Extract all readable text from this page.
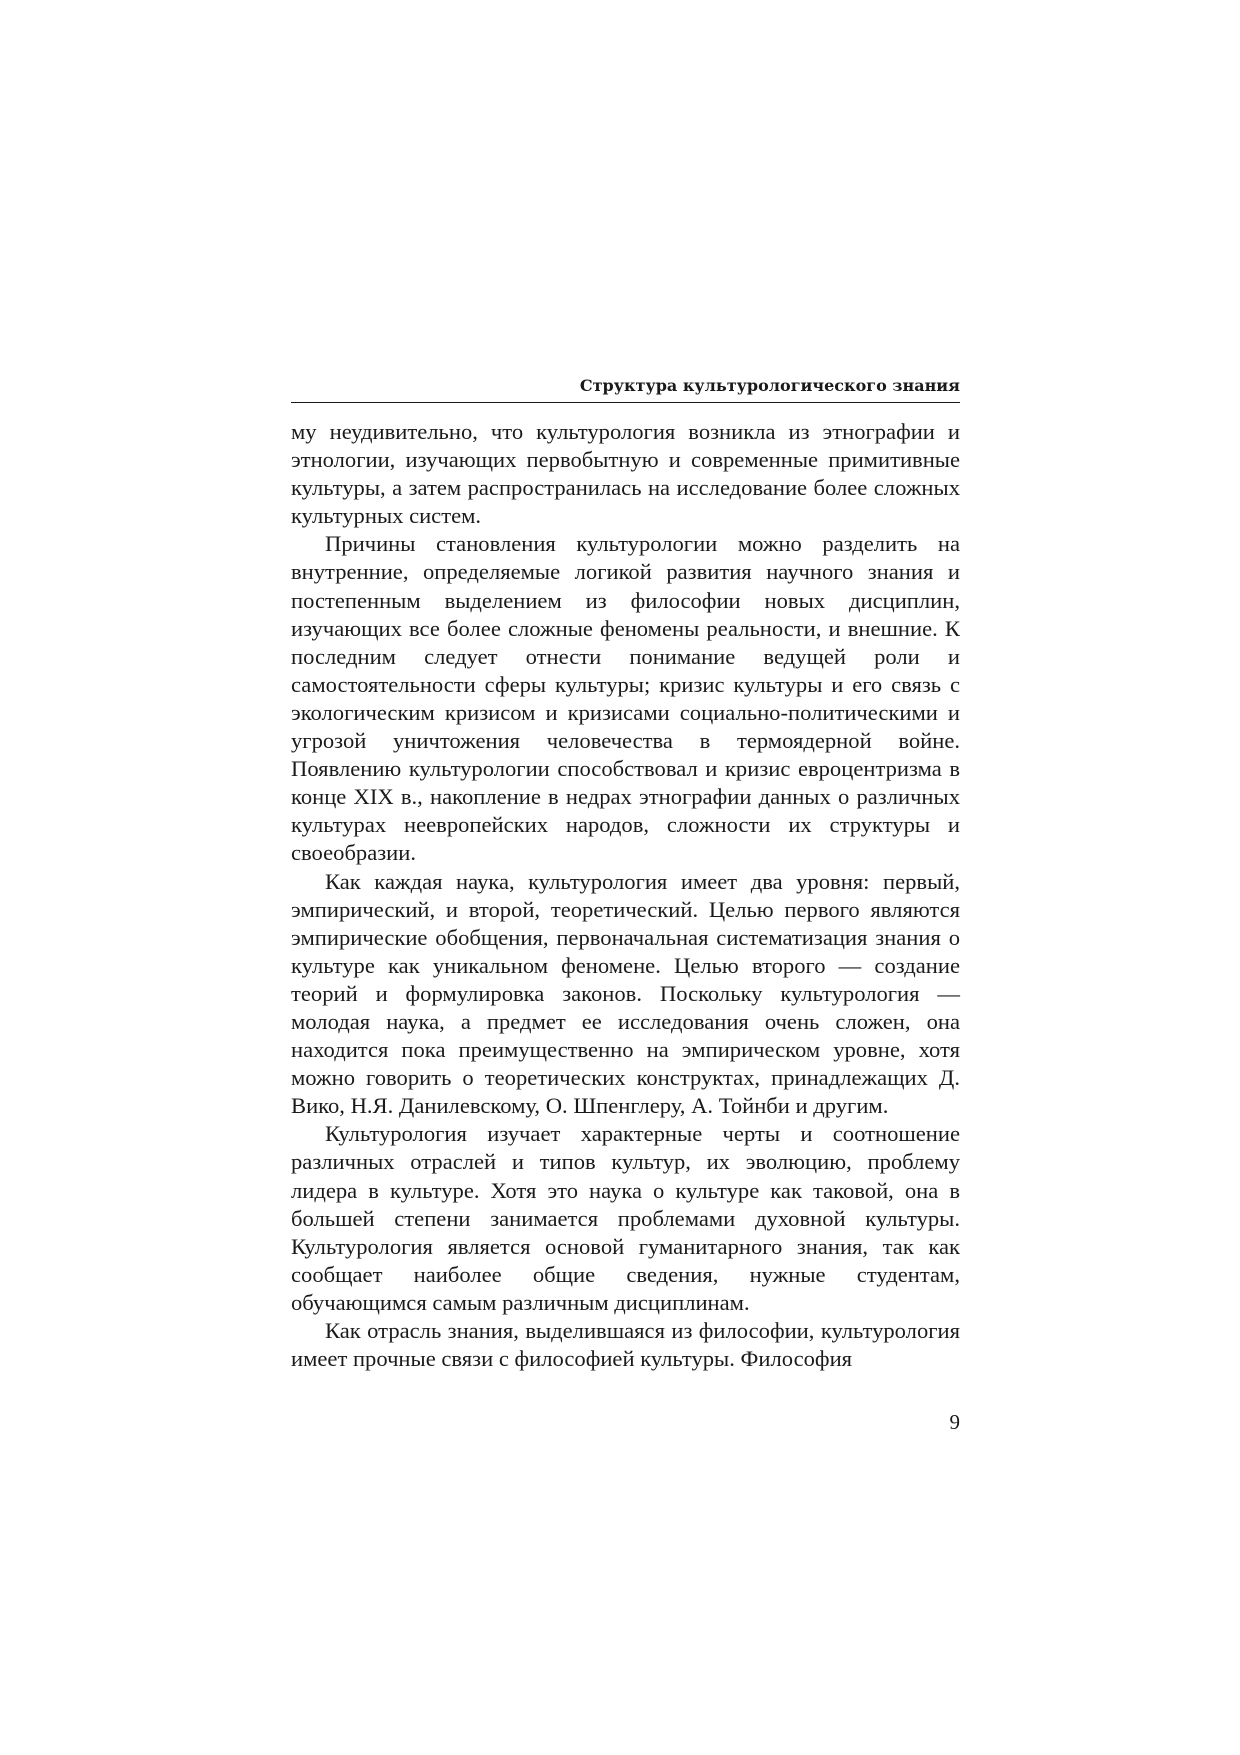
Структура культурологического знания

му неудивительно, что культурология возникла из этнографии и этнологии, изучающих первобытную и современные примитивные культуры, а затем распространилась на исследование более сложных культурных систем.

Причины становления культурологии можно разделить на внутренние, определяемые логикой развития научного знания и постепенным выделением из философии новых дисциплин, изучающих все более сложные феномены реальности, и внешние. К последним следует отнести понимание ведущей роли и самостоятельности сферы культуры; кризис культуры и его связь с экологическим кризисом и кризисами социально-политическими и угрозой уничтожения человечества в термоядерной войне. Появлению культурологии способствовал и кризис евроцентризма в конце XIX в., накопление в недрах этнографии данных о различных культурах неевропейских народов, сложности их структуры и своеобразии.

Как каждая наука, культурология имеет два уровня: первый, эмпирический, и второй, теоретический. Целью первого являются эмпирические обобщения, первоначальная систематизация знания о культуре как уникальном феномене. Целью второго — создание теорий и формулировка законов. Поскольку культурология — молодая наука, а предмет ее исследования очень сложен, она находится пока преимущественно на эмпирическом уровне, хотя можно говорить о теоретических конструктах, принадлежащих Д. Вико, Н.Я. Данилевскому, О. Шпенглеру, А. Тойнби и другим.

Культурология изучает характерные черты и соотношение различных отраслей и типов культур, их эволюцию, проблему лидера в культуре. Хотя это наука о культуре как таковой, она в большей степени занимается проблемами духовной культуры. Культурология является основой гуманитарного знания, так как сообщает наиболее общие сведения, нужные студентам, обучающимся самым различным дисциплинам.

Как отрасль знания, выделившаяся из философии, культурология имеет прочные связи с философией культуры. Философия

9
